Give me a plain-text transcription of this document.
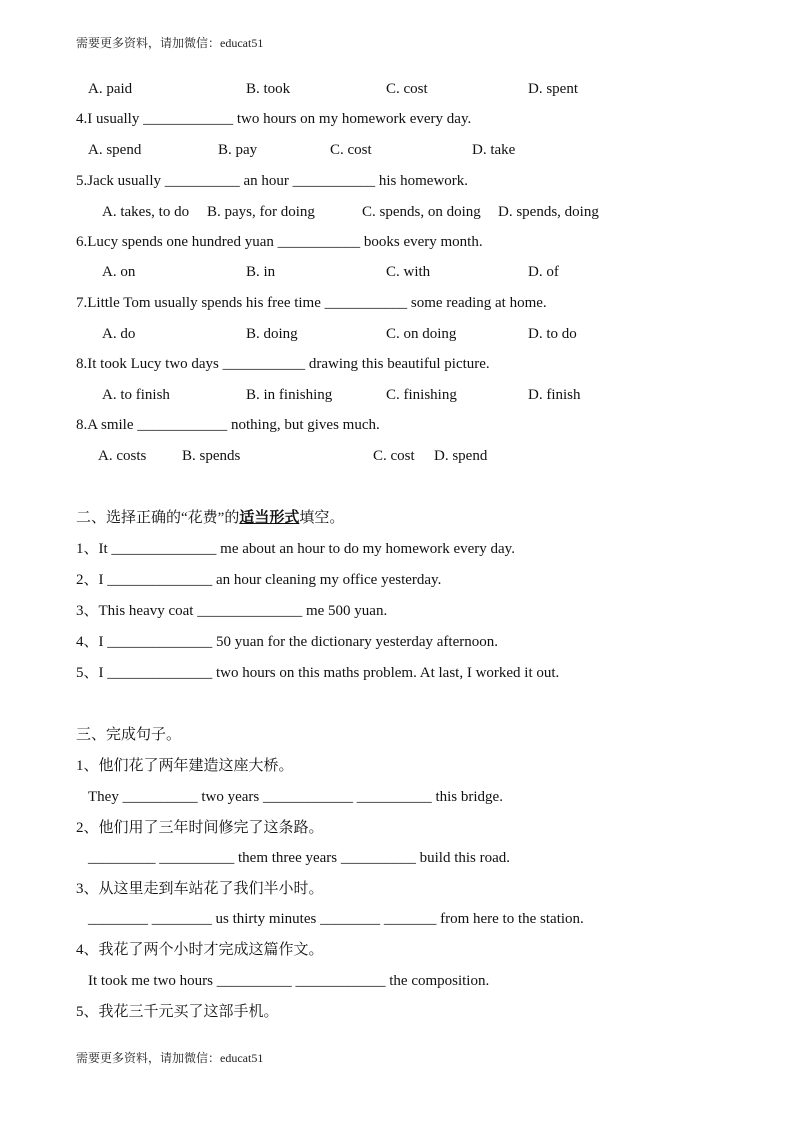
需要更多资料，请加微信：educat51
A. paid	B. took	C. cost	D. spent
4.I usually ____________ two hours on my homework every day.
A. spend	B. pay	C. cost	D. take
5.Jack usually __________ an hour ___________ his homework.
A. takes, to do B. pays, for doing	C. spends, on doing D. spends, doing
6.Lucy spends one hundred yuan ___________ books every month.
A. on	B. in	C. with	D. of
7.Little Tom usually spends his free time ___________ some reading at home.
A. do	B. doing	C. on doing	D. to do
8.It took Lucy two days ___________ drawing this beautiful picture.
A. to finish	B. in finishing	C. finishing	D. finish
8.A smile ____________ nothing, but gives much.
A. costs B. spends	C. cost D. spend
二、选择正确的“花费”的适当形式填空。
1、It ______________ me about an hour to do my homework every day.
2、I ______________ an hour cleaning my office yesterday.
3、This heavy coat ______________ me 500 yuan.
4、I ______________ 50 yuan for the dictionary yesterday afternoon.
5、I ______________ two hours on this maths problem. At last, I worked it out.
三、完成句子。
1、他们花了两年建造这座大桥。
They __________ two years ____________ __________ this bridge.
2、他们用了三年时间修完了这条路。
_________ __________ them three years __________ build this road.
3、从这里走到车站花了我们半小时。
________ ________ us thirty minutes ________ _______ from here to the station.
4、我花了两个小时才完成这篇作文。
It took me two hours __________ ____________ the composition.
5、我花三千元买了这部手机。
需要更多资料，请加微信：educat51
